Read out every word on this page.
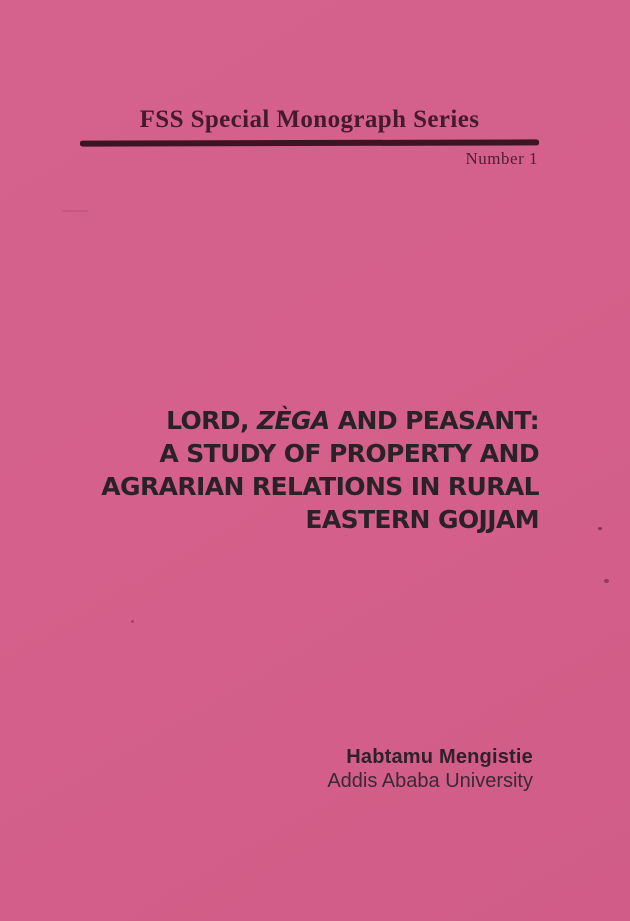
FSS Special Monograph Series
Number 1
LORD, ZÈGA AND PEASANT:
A STUDY OF PROPERTY AND
AGRARIAN RELATIONS IN RURAL
EASTERN GOJJAM
Habtamu Mengistie
Addis Ababa University
